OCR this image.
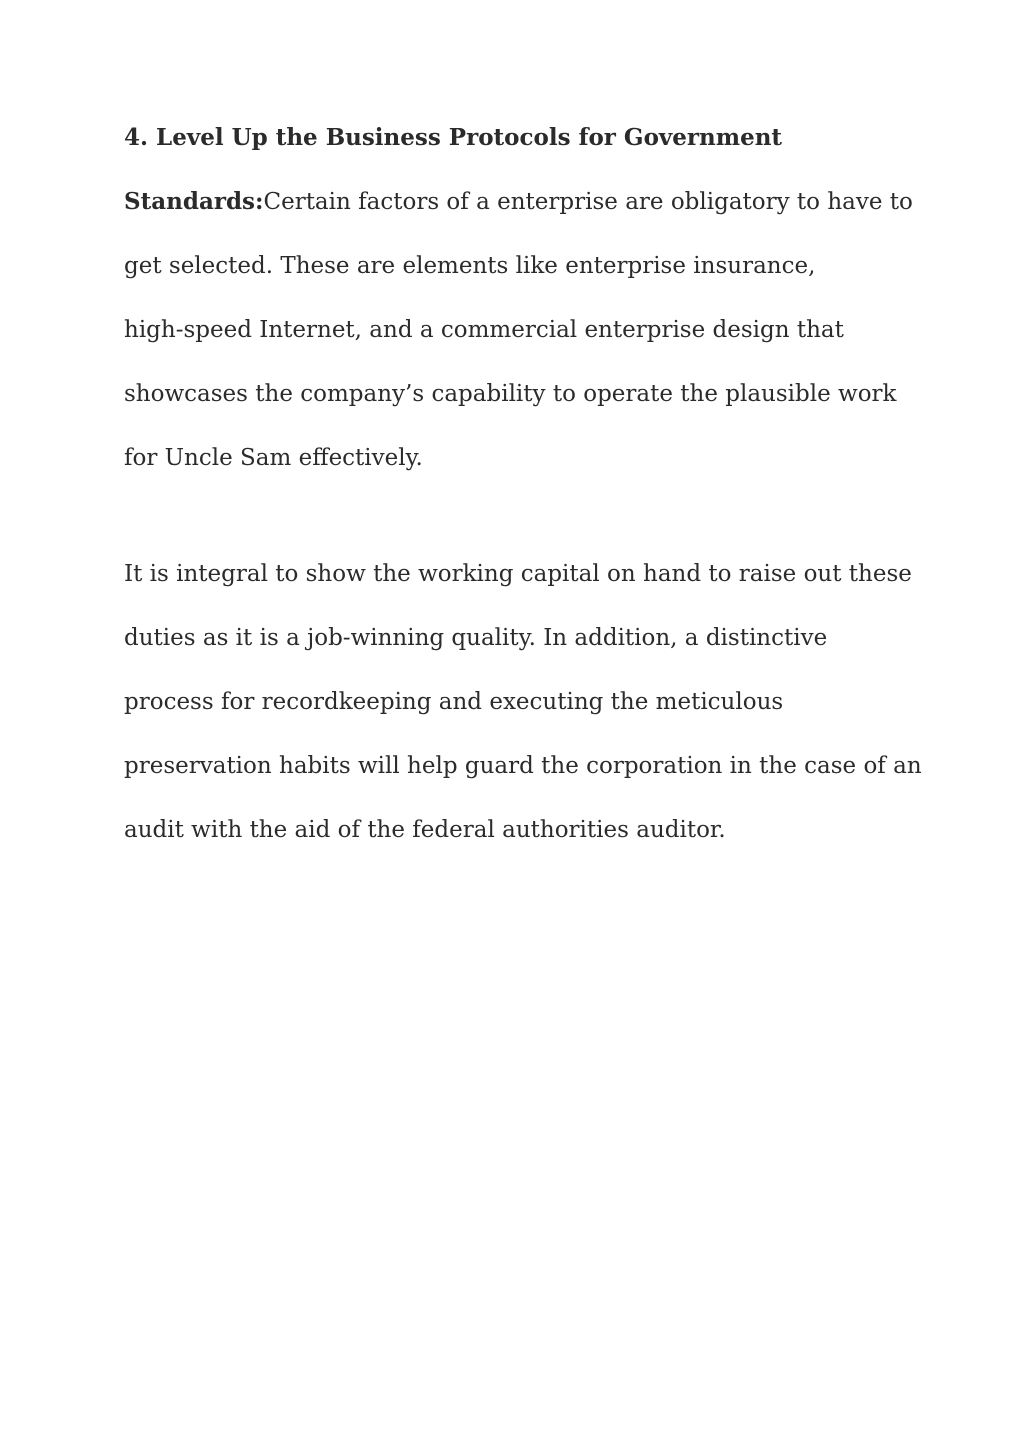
4. Level Up the Business Protocols for Government
Standards:Certain factors of a enterprise are obligatory to have to
get selected. These are elements like enterprise insurance,
high-speed Internet, and a commercial enterprise design that
showcases the company’s capability to operate the plausible work
for Uncle Sam effectively.
It is integral to show the working capital on hand to raise out these
duties as it is a job-winning quality. In addition, a distinctive
process for recordkeeping and executing the meticulous
preservation habits will help guard the corporation in the case of an
audit with the aid of the federal authorities auditor.
